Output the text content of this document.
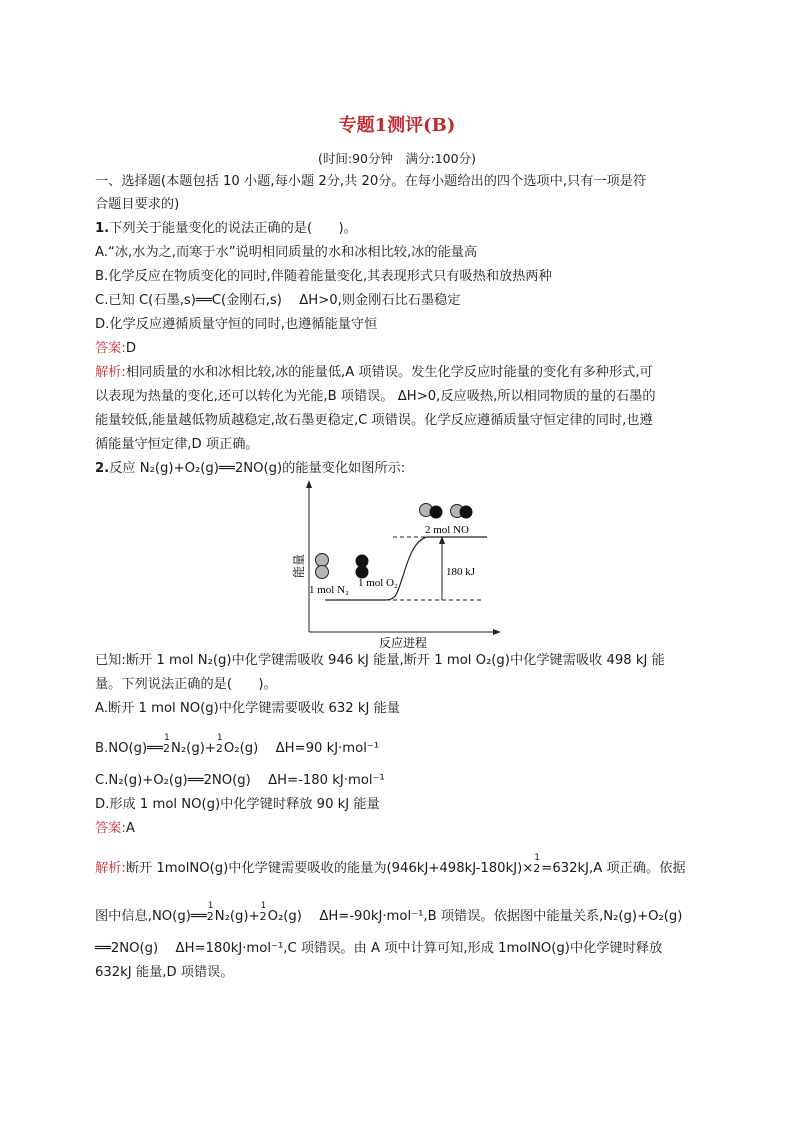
专题1测评(B)
(时间:90分钟　满分:100分)
一、选择题(本题包括 10 小题,每小题 2分,共 20分。在每小题给出的四个选项中,只有一项是符
合题目要求的)
1.下列关于能量变化的说法正确的是(　　)。
A.“冰,水为之,而寒于水”说明相同质量的水和冰相比较,冰的能量高
B.化学反应在物质变化的同时,伴随着能量变化,其表现形式只有吸热和放热两种
C.已知 C(石墨,s)══C(金刚石,s)　 ΔH>0,则金刚石比石墨稳定
D.化学反应遵循质量守恒的同时,也遵循能量守恒
答案:D
解析:相同质量的水和冰相比较,冰的能量低,A 项错误。发生化学反应时能量的变化有多种形式,可
以表现为热量的变化,还可以转化为光能,B 项错误。 ΔH>0,反应吸热,所以相同物质的量的石墨的
能量较低,能量越低物质越稳定,故石墨更稳定,C 项错误。化学反应遵循质量守恒定律的同时,也遵
循能量守恒定律,D 项正确。
2.反应 N₂(g)+O₂(g)══2NO(g)的能量变化如图所示:
能量
反应进程
180 kJ
1 mol N₂
1 mol O₂
2 mol NO
已知:断开 1 mol N₂(g)中化学键需吸收 946 kJ 能量,断开 1 mol O₂(g)中化学键需吸收 498 kJ 能
量。下列说法正确的是(　　)。
A.断开 1 mol NO(g)中化学键需要吸收 632 kJ 能量
B.NO(g)══
1
2N₂(g)+
1
2O₂(g)　 ΔH=90 kJ·mol⁻¹
C.N₂(g)+O₂(g)══2NO(g)　 ΔH=-180 kJ·mol⁻¹
D.形成 1 mol NO(g)中化学键时释放 90 kJ 能量
答案:A
解析:断开 1molNO(g)中化学键需要吸收的能量为(946kJ+498kJ-180kJ)×
1
2=632kJ,A 项正确。依据
图中信息,NO(g)══
1
2N₂(g)+
1
2O₂(g)　 ΔH=-90kJ·mol⁻¹,B 项错误。依据图中能量关系,N₂(g)+O₂(g)
══2NO(g)　 ΔH=180kJ·mol⁻¹,C 项错误。由 A 项中计算可知,形成 1molNO(g)中化学键时释放
632kJ 能量,D 项错误。
